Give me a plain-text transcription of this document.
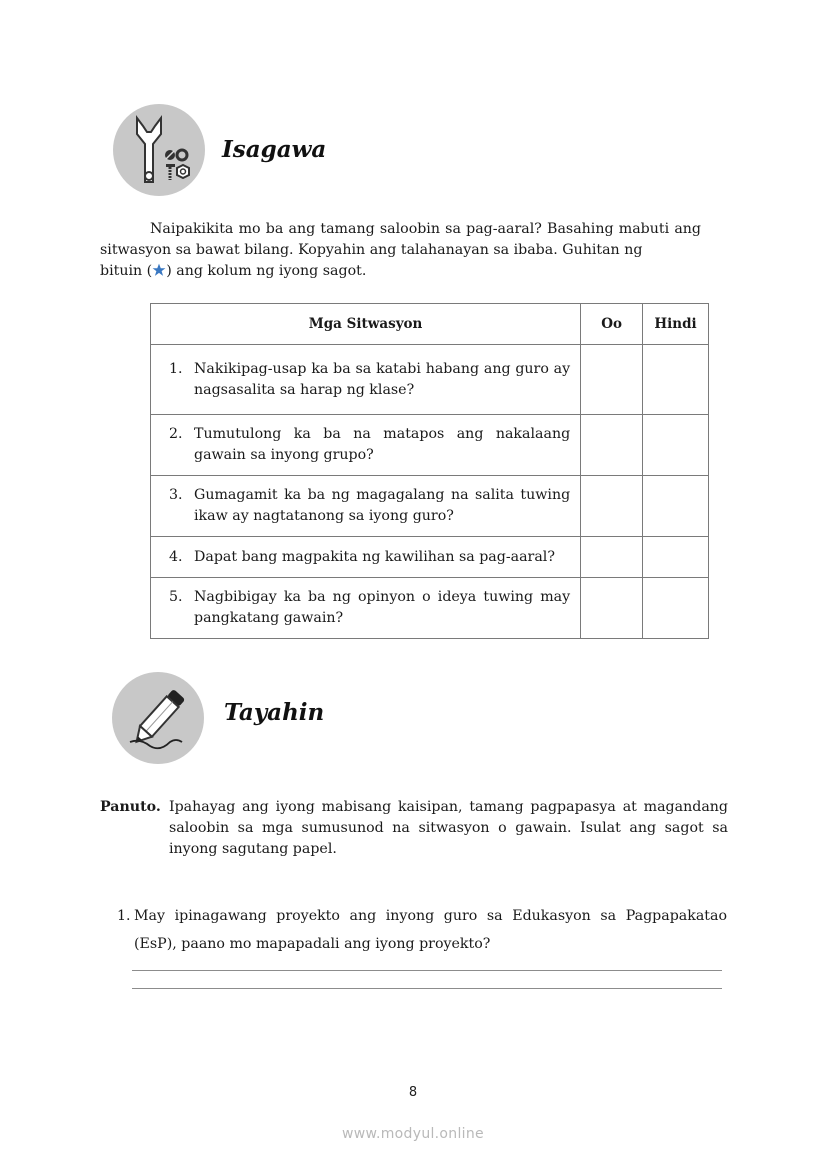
Isagawa

Naipakikita mo ba ang tamang saloobin sa pag-aaral? Basahing mabuti ang sitwasyon sa bawat bilang. Kopyahin ang talahanayan sa ibaba. Guhitan ng

bituin ( ) ang kolum ng iyong sagot.

Mga Sitwasyon	Oo	Hindi

1. Nakikipag-usap ka ba sa katabi habang ang guro ay nagsasalita sa harap ng klase?		

2. Tumutulong ka ba na matapos ang nakalaang gawain sa inyong grupo?		

3. Gumagamit ka ba ng magagalang na salita tuwing ikaw ay nagtatanong sa iyong guro?		

4. Dapat bang magpakita ng kawilihan sa pag-aaral?		

5. Nagbibigay ka ba ng opinyon o ideya tuwing may pangkatang gawain?		

Tayahin
Panuto. Ipahayag ang iyong mabisang kaisipan, tamang pagpapasya at magandang saloobin sa mga sumusunod na sitwasyon o gawain. Isulat ang sagot sa inyong sagutang papel.
1. May ipinagawang proyekto ang inyong guro sa Edukasyon sa Pagpapakatao (EsP), paano mo mapapadali ang iyong proyekto?
8
www.modyul.online
